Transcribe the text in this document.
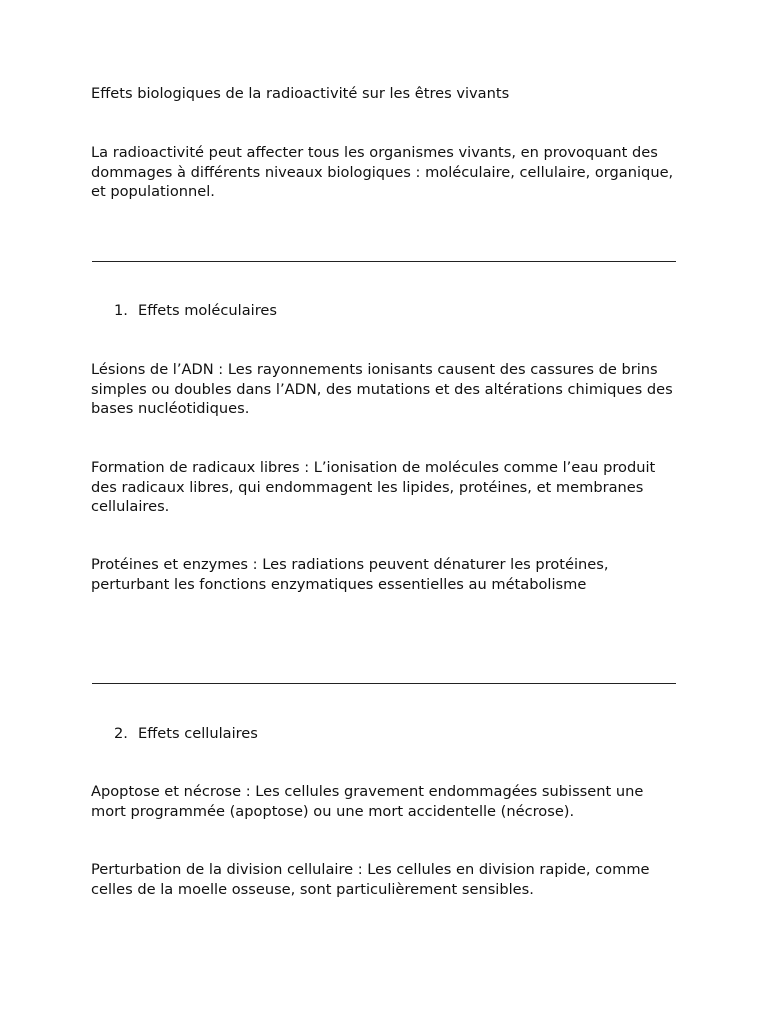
Effets biologiques de la radioactivité sur les êtres vivants

La radioactivité peut affecter tous les organismes vivants, en provoquant des dommages à différents niveaux biologiques : moléculaire, cellulaire, organique, et populationnel.

1. Effets moléculaires

Lésions de l’ADN : Les rayonnements ionisants causent des cassures de brins simples ou doubles dans l’ADN, des mutations et des altérations chimiques des bases nucléotidiques.

Formation de radicaux libres : L’ionisation de molécules comme l’eau produit des radicaux libres, qui endommagent les lipides, protéines, et membranes cellulaires.

Protéines et enzymes : Les radiations peuvent dénaturer les protéines, perturbant les fonctions enzymatiques essentielles au métabolisme

2. Effets cellulaires

Apoptose et nécrose : Les cellules gravement endommagées subissent une mort programmée (apoptose) ou une mort accidentelle (nécrose).

Perturbation de la division cellulaire : Les cellules en division rapide, comme celles de la moelle osseuse, sont particulièrement sensibles.
